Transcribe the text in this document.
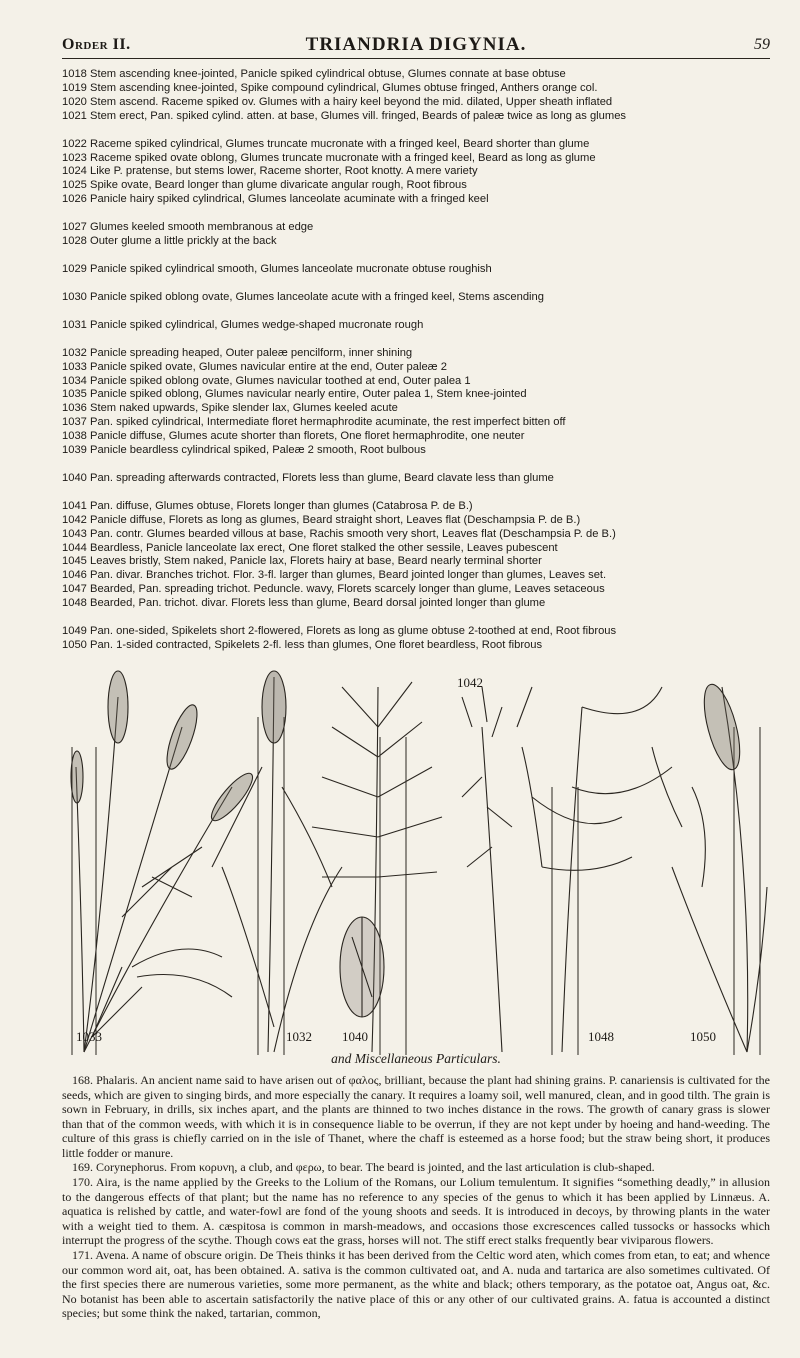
Order II.	TRIANDRIA DIGYNIA.	59
1018 Stem ascending knee-jointed, Panicle spiked cylindrical obtuse, Glumes connate at base obtuse
1019 Stem ascending knee-jointed, Spike compound cylindrical, Glumes obtuse fringed, Anthers orange col.
1020 Stem ascend. Raceme spiked ov. Glumes with a hairy keel beyond the mid. dilated, Upper sheath inflated
1021 Stem erect, Pan. spiked cylind. atten. at base, Glumes vill. fringed, Beards of paleæ twice as long as glumes
1022 Raceme spiked cylindrical, Glumes truncate mucronate with a fringed keel, Beard shorter than glume
1023 Raceme spiked ovate oblong, Glumes truncate mucronate with a fringed keel, Beard as long as glume
1024 Like P. pratense, but stems lower, Raceme shorter, Root knotty. A mere variety
1025 Spike ovate, Beard longer than glume divaricate angular rough, Root fibrous
1026 Panicle hairy spiked cylindrical, Glumes lanceolate acuminate with a fringed keel
1027 Glumes keeled smooth membranous at edge
1028 Outer glume a little prickly at the back
1029 Panicle spiked cylindrical smooth, Glumes lanceolate mucronate obtuse roughish
1030 Panicle spiked oblong ovate, Glumes lanceolate acute with a fringed keel, Stems ascending
1031 Panicle spiked cylindrical, Glumes wedge-shaped mucronate rough
1032 Panicle spreading heaped, Outer paleæ pencilform, inner shining
1033 Panicle spiked ovate, Glumes navicular entire at the end, Outer paleæ 2
1034 Panicle spiked oblong ovate, Glumes navicular toothed at end, Outer palea 1
1035 Panicle spiked oblong, Glumes navicular nearly entire, Outer palea 1, Stem knee-jointed
1036 Stem naked upwards, Spike slender lax, Glumes keeled acute
1037 Pan. spiked cylindrical, Intermediate floret hermaphrodite acuminate, the rest imperfect bitten off
1038 Panicle diffuse, Glumes acute shorter than florets, One floret hermaphrodite, one neuter
1039 Panicle beardless cylindrical spiked, Paleæ 2 smooth, Root bulbous
1040 Pan. spreading afterwards contracted, Florets less than glume, Beard clavate less than glume
1041 Pan. diffuse, Glumes obtuse, Florets longer than glumes (Catabrosa P. de B.)
1042 Panicle diffuse, Florets as long as glumes, Beard straight short, Leaves flat (Deschampsia P. de B.)
1043 Pan. contr. Glumes bearded villous at base, Rachis smooth very short, Leaves flat (Deschampsia P. de B.)
1044 Beardless, Panicle lanceolate lax erect, One floret stalked the other sessile, Leaves pubescent
1045 Leaves bristly, Stem naked, Panicle lax, Florets hairy at base, Beard nearly terminal shorter
1046 Pan. divar. Branches trichot. Flor. 3-fl. larger than glumes, Beard jointed longer than glumes, Leaves set.
1047 Bearded, Pan. spreading trichot. Peduncle. wavy, Florets scarcely longer than glume, Leaves setaceous
1048 Bearded, Pan. trichot. divar. Florets less than glume, Beard dorsal jointed longer than glume
1049 Pan. one-sided, Spikelets short 2-flowered, Florets as long as glume obtuse 2-toothed at end, Root fibrous
1050 Pan. 1-sided contracted, Spikelets 2-fl. less than glumes, One floret beardless, Root fibrous
1033	1032 1040
1042
1048	1050
and Miscellaneous Particulars.

168. Phalaris. An ancient name said to have arisen out of φαλος, brilliant, because the plant had shining grains. P. canariensis is cultivated for the seeds, which are given to singing birds, and more especially the canary. It requires a loamy soil, well manured, clean, and in good tilth. The grain is sown in February, in drills, six inches apart, and the plants are thinned to two inches distance in the rows. The growth of canary grass is slower than that of the common weeds, with which it is in consequence liable to be overrun, if they are not kept under by hoeing and hand-weeding. The culture of this grass is chiefly carried on in the isle of Thanet, where the chaff is esteemed as a horse food; but the straw being short, it produces little fodder or manure.

169. Corynephorus. From κορυνη, a club, and φερω, to bear. The beard is jointed, and the last articulation is club-shaped.

170. Aira, is the name applied by the Greeks to the Lolium of the Romans, our Lolium temulentum. It signifies “something deadly,” in allusion to the dangerous effects of that plant; but the name has no reference to any species of the genus to which it has been applied by Linnæus. A. aquatica is relished by cattle, and water-fowl are fond of the young shoots and seeds. It is introduced in decoys, by throwing plants in the water with a weight tied to them. A. cæspitosa is common in marsh-meadows, and occasions those excrescences called tussocks or hassocks which interrupt the progress of the scythe. Though cows eat the grass, horses will not. The stiff erect stalks frequently bear viviparous flowers.

171. Avena. A name of obscure origin. De Theis thinks it has been derived from the Celtic word aten, which comes from etan, to eat; and whence our common word ait, oat, has been obtained. A. sativa is the common cultivated oat, and A. nuda and tartarica are also sometimes cultivated. Of the first species there are numerous varieties, some more permanent, as the white and black; others temporary, as the potatoe oat, Angus oat, &c. No botanist has been able to ascertain satisfactorily the native place of this or any other of our cultivated grains. A. fatua is accounted a distinct species; but some think the naked, tartarian, common,
